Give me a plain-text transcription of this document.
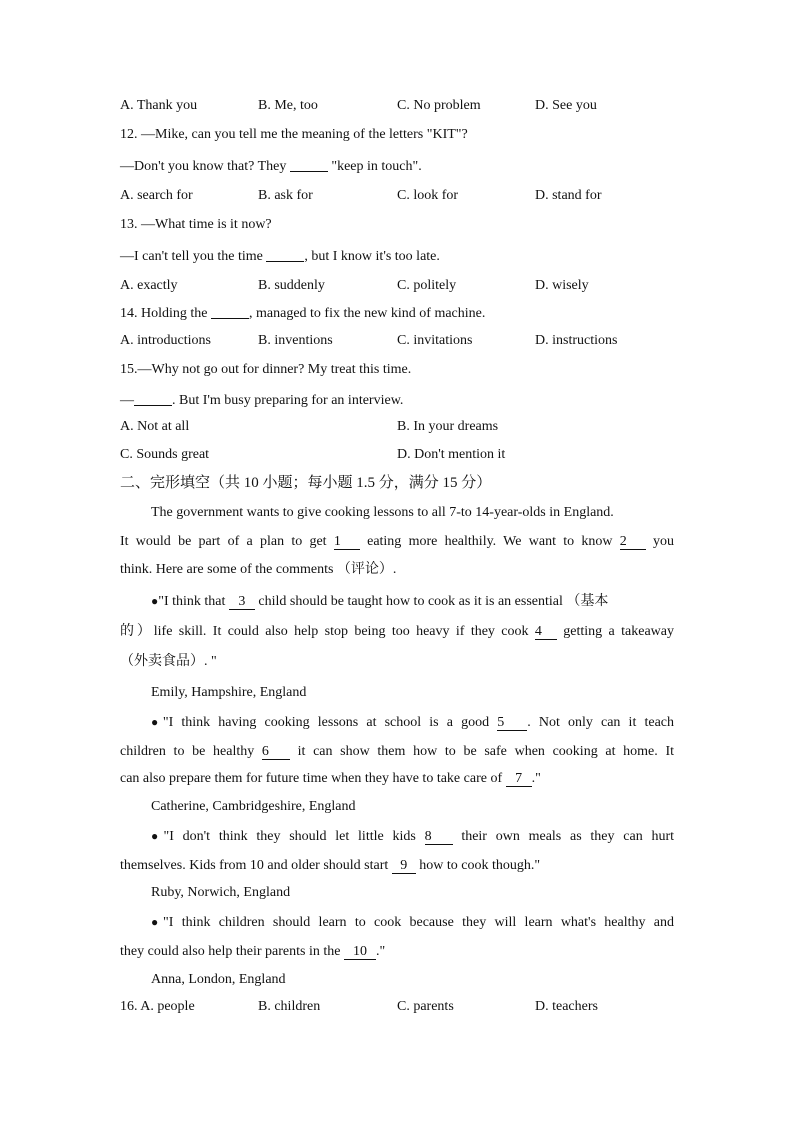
A. Thank you	B. Me, too	C. No problem	D. See you
12. —Mike, can you tell me the meaning of the letters "KIT"?
—Don't you know that? They	"keep in touch".
A. search for	B. ask for	C. look for	D. stand for
13. —What time is it now?
—I can't tell you the time	, but I know it's too late.
A. exactly	B. suddenly	C. politely	D. wisely
14. Holding the	, managed to fix the new kind of machine.
A. introductions	B. inventions	C. invitations	D. instructions
15.—Why not go out for dinner? My treat this time.
—	. But I'm busy preparing for an interview.
A. Not at all	B. In your dreams
C. Sounds great	D. Don't mention it
二、完形填空（共 10 小题；每小题 1.5 分，满分 15 分）
The government wants to give cooking lessons to all 7-to 14-year-olds in England.
It would be part of a plan to get 1 eating more healthily. We want to know 2 you
think. Here are some of the comments （评论）.
●"I think that 3 child should be taught how to cook as it is an essential （基本
的）life skill. It could also help stop being too heavy if they cook 4 getting a takeaway
（外卖食品）. "
Emily, Hampshire, England
●"I think having cooking lessons at school is a good 5 . Not only can it teach
children to be healthy 6 it can show them how to be safe when cooking at home. It
can also prepare them for future time when they have to take care of 7 ."
Catherine, Cambridgeshire, England
●"I don't think they should let little kids 8 their own meals as they can hurt
themselves. Kids from 10 and older should start 9 how to cook though."
Ruby, Norwich, England
●"I think children should learn to cook because they will learn what's healthy and
they could also help their parents in the 10 ."
Anna, London, England
16. A. people	B. children	C. parents	D. teachers
